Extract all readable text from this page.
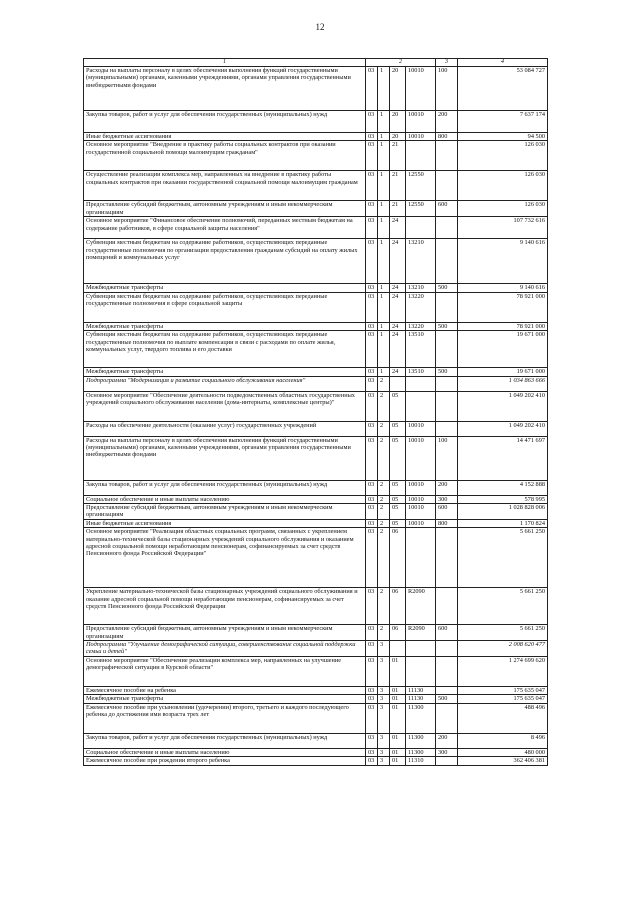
12
1	2				3	4
Расходы на выплаты персоналу в целях обеспечения выполнения функций государственными (муниципальными) органами, казенными учреждениями, органами управления государственными внебюджетными фондами	03	1	20	10010	100	53 084 727
Закупка товаров, работ и услуг для обеспечения государственных (муниципальных) нужд	03	1	20	10010	200	7 637 174
Иные бюджетные ассигнования	03	1	20	10010	800	94 500
Основное мероприятие "Внедрение в практику работы социальных контрактов при оказании государственной социальной помощи малоимущим гражданам"	03	1	21			126 030
Осуществление реализации комплекса мер, направленных на внедрение в практику работы социальных контрактов при оказании государственной социальной помощи малоимущим гражданам	03	1	21	12550		126 030
Предоставление субсидий бюджетным, автономным учреждениям и иным некоммерческим организациям	03	1	21	12550	600	126 030
Основное мероприятие "Финансовое обеспечение полномочий, переданных местным бюджетам на содержание работников, в сфере социальной защиты населения"	03	1	24			107 732 616
Субвенции местным бюджетам на содержание работников, осуществляющих переданные государственные полномочия по организации предоставления гражданам субсидий на оплату жилых помещений и коммунальных услуг	03	1	24	13210		9 140 616
Межбюджетные трансферты	03	1	24	13210	500	9 140 616
Субвенции местным бюджетам на содержание работников, осуществляющих переданные государственные полномочия в сфере социальной защиты	03	1	24	13220		78 921 000
Межбюджетные трансферты	03	1	24	13220	500	78 921 000
Субвенции местным бюджетам на содержание работников, осуществляющих переданные государственные полномочия по выплате компенсации в связи с расходами по оплате жилья, коммунальных услуг, твердого топлива и его доставки	03	1	24	13510		19 671 000
Межбюджетные трансферты	03	1	24	13510	500	19 671 000
Подпрограмма "Модернизация и развитие социального обслуживания населения"	03	2				1 034 863 666
Основное мероприятие "Обеспечение деятельности подведомственных областных государственных учреждений социального обслуживания населения (дома-интернаты, комплексные центры)"	03	2	05			1 049 202 410
Расходы на обеспечение деятельности (оказание услуг) государственных учреждений	03	2	05	10010		1 049 202 410
Расходы на выплаты персоналу в целях обеспечения выполнения функций государственными (муниципальными) органами, казенными учреждениями, органами управления государственными внебюджетными фондами	03	2	05	10010	100	14 471 697
Закупка товаров, работ и услуг для обеспечения государственных (муниципальных) нужд	03	2	05	10010	200	4 152 888
Социальное обеспечение и иные выплаты населению	03	2	05	10010	300	578 995
Предоставление субсидий бюджетным, автономным учреждениям и иным некоммерческим организациям	03	2	05	10010	600	1 028 828 006
Иные бюджетные ассигнования	03	2	05	10010	800	1 170 824
Основное мероприятие "Реализация областных социальных программ, связанных с укреплением материально-технической базы стационарных учреждений социального обслуживания и оказанием адресной социальной помощи неработающим пенсионерам, софинансируемых за счет средств Пенсионного фонда Российской Федерации"	03	2	06			5 661 250
Укрепление материально-технической базы стационарных учреждений социального обслуживания и оказание адресной социальной помощи неработающим пенсионерам, софинансируемых за счет средств Пенсионного фонда Российской Федерации	03	2	06	R2090		5 661 250
Предоставление субсидий бюджетным, автономным учреждениям и иным некоммерческим организациям	03	2	06	R2090	600	5 661 250
Подпрограмма "Улучшение демографической ситуации, совершенствование социальной поддержки семьи и детей"	03	3				2 008 620 477
Основное мероприятие "Обеспечение реализации комплекса мер, направленных на улучшение демографической ситуации в Курской области"	03	3	01			1 274 699 620
Ежемесячное пособие на ребенка	03	3	01	11130		175 635 047
Межбюджетные трансферты	03	3	01	11130	500	175 635 047
Ежемесячное пособие при усыновлении (удочерении) второго, третьего и каждого последующего ребенка до достижения ими возраста трех лет	03	3	01	11300		488 496
Закупка товаров, работ и услуг для обеспечения государственных (муниципальных) нужд	03	3	01	11300	200	8 496
Социальное обеспечение и иные выплаты населению	03	3	01	11300	300	480 000
Ежемесячное пособие при рождении второго ребенка	03	3	01	11310		362 406 381
